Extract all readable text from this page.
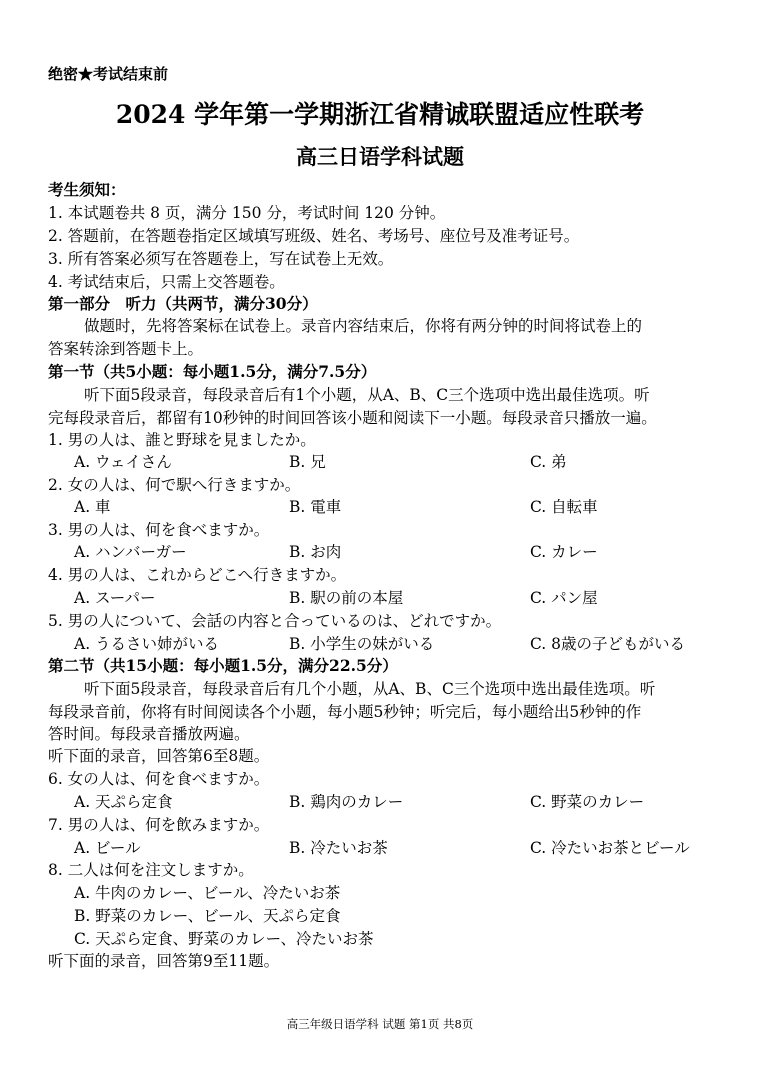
绝密★考试结束前
2024 学年第一学期浙江省精诚联盟适应性联考
高三日语学科试题
考生须知：
1. 本试题卷共 8 页，满分 150 分，考试时间 120 分钟。
2. 答题前，在答题卷指定区域填写班级、姓名、考场号、座位号及准考证号。
3. 所有答案必须写在答题卷上，写在试卷上无效。
4. 考试结束后，只需上交答题卷。
第一部分　听力（共两节，满分30分）
做题时，先将答案标在试卷上。录音内容结束后，你将有两分钟的时间将试卷上的
答案转涂到答题卡上。
第一节（共5小题：每小题1.5分，满分7.5分）
听下面5段录音，每段录音后有1个小题，从A、B、C三个选项中选出最佳选项。听
完每段录音后，都留有10秒钟的时间回答该小题和阅读下一小题。每段录音只播放一遍。
1. 男の人は、誰と野球を見ましたか。
A. ウェイさん	B. 兄	C. 弟
2. 女の人は、何で駅へ行きますか。
A. 車	B. 電車	C. 自転車
3. 男の人は、何を食べますか。
A. ハンバーガー	B. お肉	C. カレー
4. 男の人は、これからどこへ行きますか。
A. スーパー	B. 駅の前の本屋	C. パン屋
5. 男の人について、会話の内容と合っているのは、どれですか。
A. うるさい姉がいる	B. 小学生の妹がいる	C. 8歳の子どもがいる
第二节（共15小题：每小题1.5分，满分22.5分）
听下面5段录音，每段录音后有几个小题，从A、B、C三个选项中选出最佳选项。听
每段录音前，你将有时间阅读各个小题，每小题5秒钟；听完后，每小题给出5秒钟的作
答时间。每段录音播放两遍。
听下面的录音，回答第6至8题。
6. 女の人は、何を食べますか。
A. 天ぷら定食	B. 鶏肉のカレー	C. 野菜のカレー
7. 男の人は、何を飲みますか。
A. ビール	B. 冷たいお茶	C. 冷たいお茶とビール
8. 二人は何を注文しますか。
A. 牛肉のカレー、ビール、冷たいお茶
B. 野菜のカレー、ビール、天ぷら定食
C. 天ぷら定食、野菜のカレー、冷たいお茶
听下面的录音，回答第9至11题。
高三年级日语学科 试题 第1页 共8页
